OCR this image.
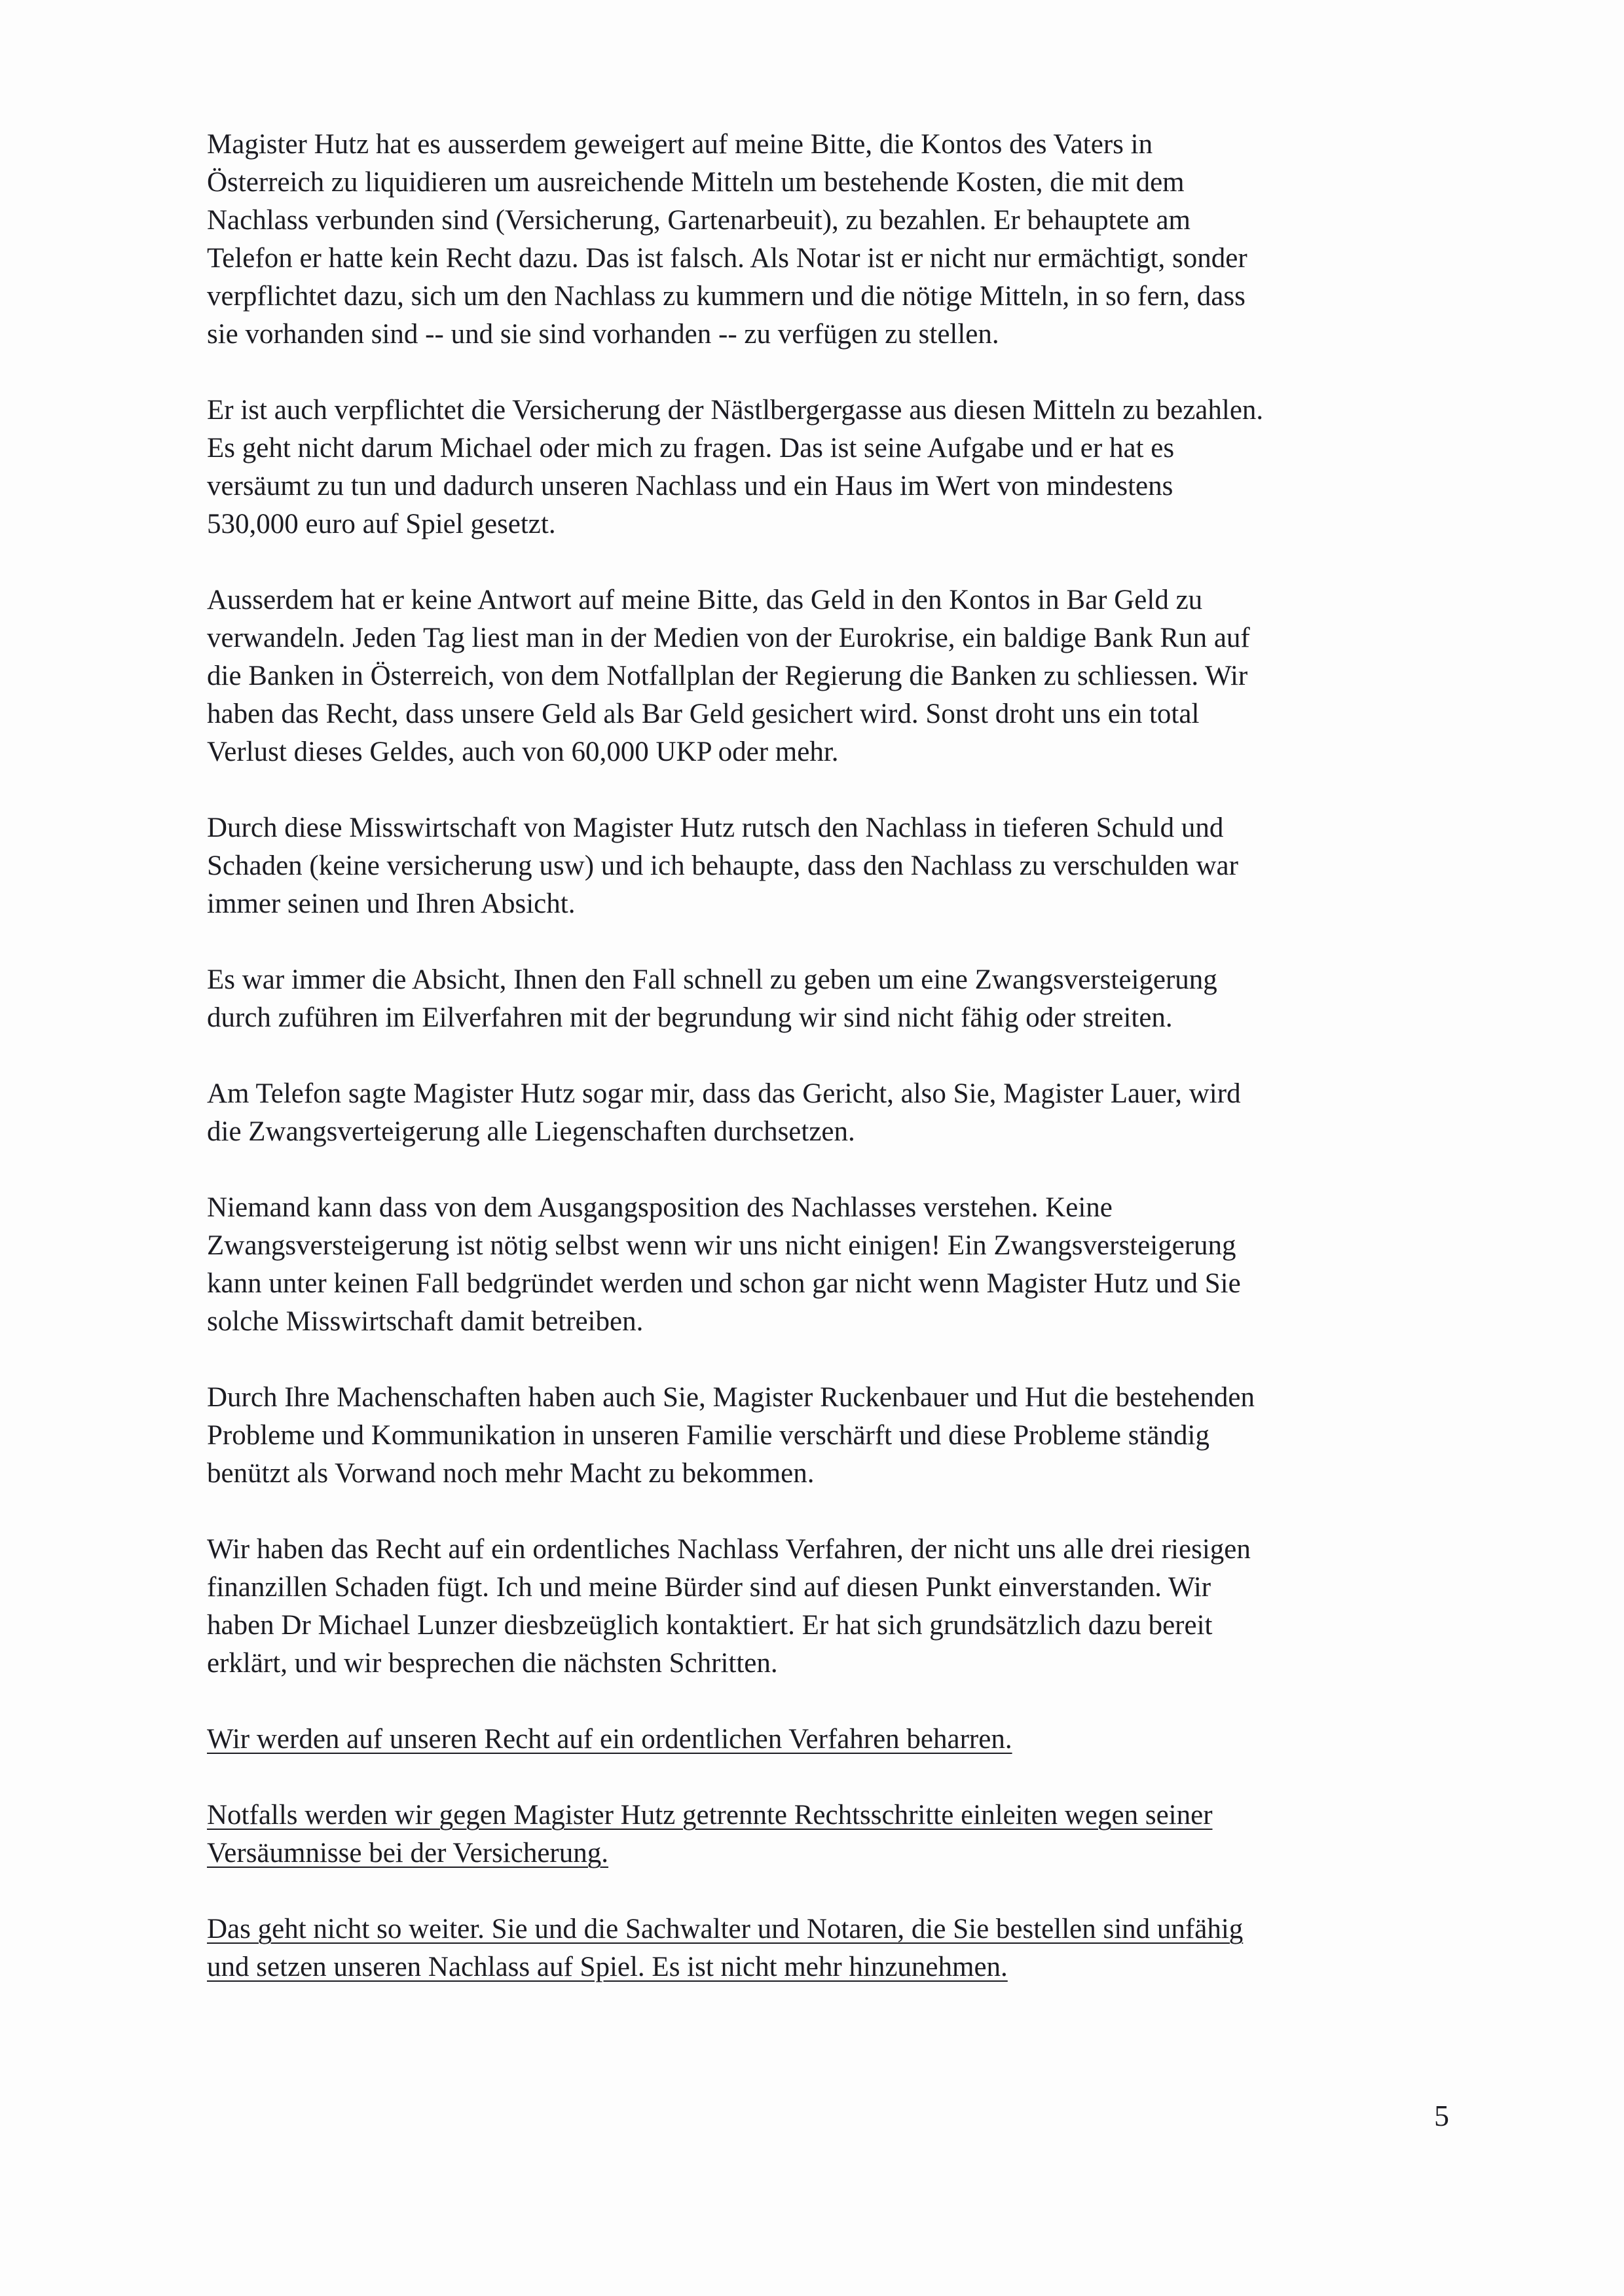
Magister Hutz hat es ausserdem geweigert auf meine Bitte, die Kontos des Vaters in
Österreich zu liquidieren um ausreichende Mitteln um bestehende Kosten, die mit dem
Nachlass verbunden sind (Versicherung, Gartenarbeuit), zu bezahlen. Er behauptete am
Telefon er hatte kein Recht dazu. Das ist falsch. Als Notar ist er nicht nur ermächtigt, sonder
verpflichtet dazu, sich um den Nachlass zu kummern und die nötige Mitteln, in so fern, dass
sie vorhanden sind -- und sie sind vorhanden -- zu verfügen zu stellen.

Er ist auch verpflichtet die Versicherung der Nästlbergergasse aus diesen Mitteln zu bezahlen.
Es geht nicht darum Michael oder mich zu fragen. Das ist seine Aufgabe und er hat es
versäumt zu tun und dadurch unseren Nachlass und ein Haus im Wert von mindestens
530,000 euro auf Spiel gesetzt.

Ausserdem hat er keine Antwort auf meine Bitte, das Geld in den Kontos in Bar Geld zu
verwandeln. Jeden Tag liest man in der Medien von der Eurokrise, ein baldige Bank Run auf
die Banken in Österreich, von dem Notfallplan der Regierung die Banken zu schliessen. Wir
haben das Recht, dass unsere Geld als Bar Geld gesichert wird. Sonst droht uns ein total
Verlust dieses Geldes, auch von 60,000 UKP oder mehr.

Durch diese Misswirtschaft von Magister Hutz rutsch den Nachlass in tieferen Schuld und
Schaden (keine versicherung usw) und ich behaupte, dass den Nachlass zu verschulden war
immer seinen und Ihren Absicht.

Es war immer die Absicht, Ihnen den Fall schnell zu geben um eine Zwangsversteigerung
durch zuführen im Eilverfahren mit der begrundung wir sind nicht fähig oder streiten.

Am Telefon sagte Magister Hutz sogar mir, dass das Gericht, also Sie, Magister Lauer, wird
die Zwangsverteigerung alle Liegenschaften durchsetzen.

Niemand kann dass von dem Ausgangsposition des Nachlasses verstehen. Keine
Zwangsversteigerung ist nötig selbst wenn wir uns nicht einigen! Ein Zwangsversteigerung
kann unter keinen Fall bedgründet werden und schon gar nicht wenn Magister Hutz und Sie
solche Misswirtschaft damit betreiben.

Durch Ihre Machenschaften haben auch Sie, Magister Ruckenbauer und Hut die bestehenden
Probleme und Kommunikation in unseren Familie verschärft und diese Probleme ständig
benützt als Vorwand noch mehr Macht zu bekommen.

Wir haben das Recht auf ein ordentliches Nachlass Verfahren, der nicht uns alle drei riesigen
finanzillen Schaden fügt. Ich und meine Bürder sind auf diesen Punkt einverstanden. Wir
haben Dr Michael Lunzer diesbzeüglich kontaktiert. Er hat sich grundsätzlich dazu bereit
erklärt, und wir besprechen die nächsten Schritten.

Wir werden auf unseren Recht auf ein ordentlichen Verfahren beharren.

Notfalls werden wir gegen Magister Hutz getrennte Rechtsschritte einleiten wegen seiner
Versäumnisse bei der Versicherung.

Das geht nicht so weiter. Sie und die Sachwalter und Notaren, die Sie bestellen sind unfähig
und setzen unseren Nachlass auf Spiel. Es ist nicht mehr hinzunehmen.

5
